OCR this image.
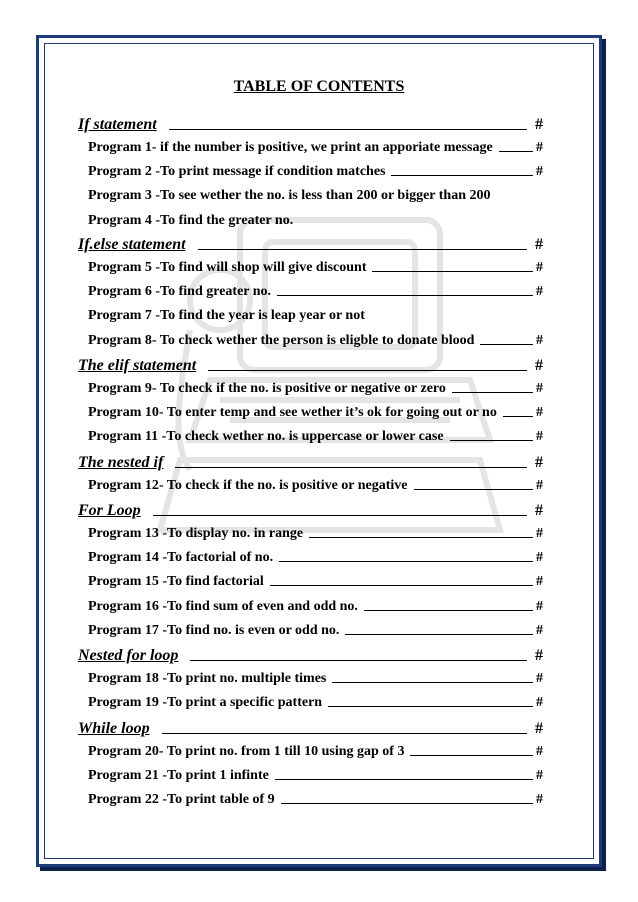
TABLE OF CONTENTS
If statement	#
Program 1- if the number is positive, we print an apporiate message	#
Program 2 -To print message if condition matches	#
Program 3 -To see wether the no. is less than 200 or bigger than 200
Program 4 -To find the greater no.
If.else statement	#
Program 5 -To find will shop will give discount	#
Program 6 -To find greater no.	#
Program 7 -To find the year is leap year or not
Program 8- To check wether the person is eligble to donate blood	#
The elif statement	#
Program 9- To check if the no. is positive or negative or zero	#
Program 10- To enter temp and see wether it’s ok for going out or no	#
Program 11 -To check wether no. is uppercase or lower case	#
The nested if	#
Program 12- To check if the no. is positive or negative	#
For Loop	#
Program 13 -To display no. in range	#
Program 14 -To factorial of no.	#
Program 15 -To find factorial	#
Program 16 -To find sum of even and odd no.	#
Program 17 -To find no. is even or odd no.	#
Nested for loop	#
Program 18 -To print no. multiple times	#
Program 19 -To print a specific pattern	#
While loop	#
Program 20- To print no. from 1 till 10 using gap of 3	#
Program 21 -To print 1 infinte	#
Program 22 -To print table of 9	#
